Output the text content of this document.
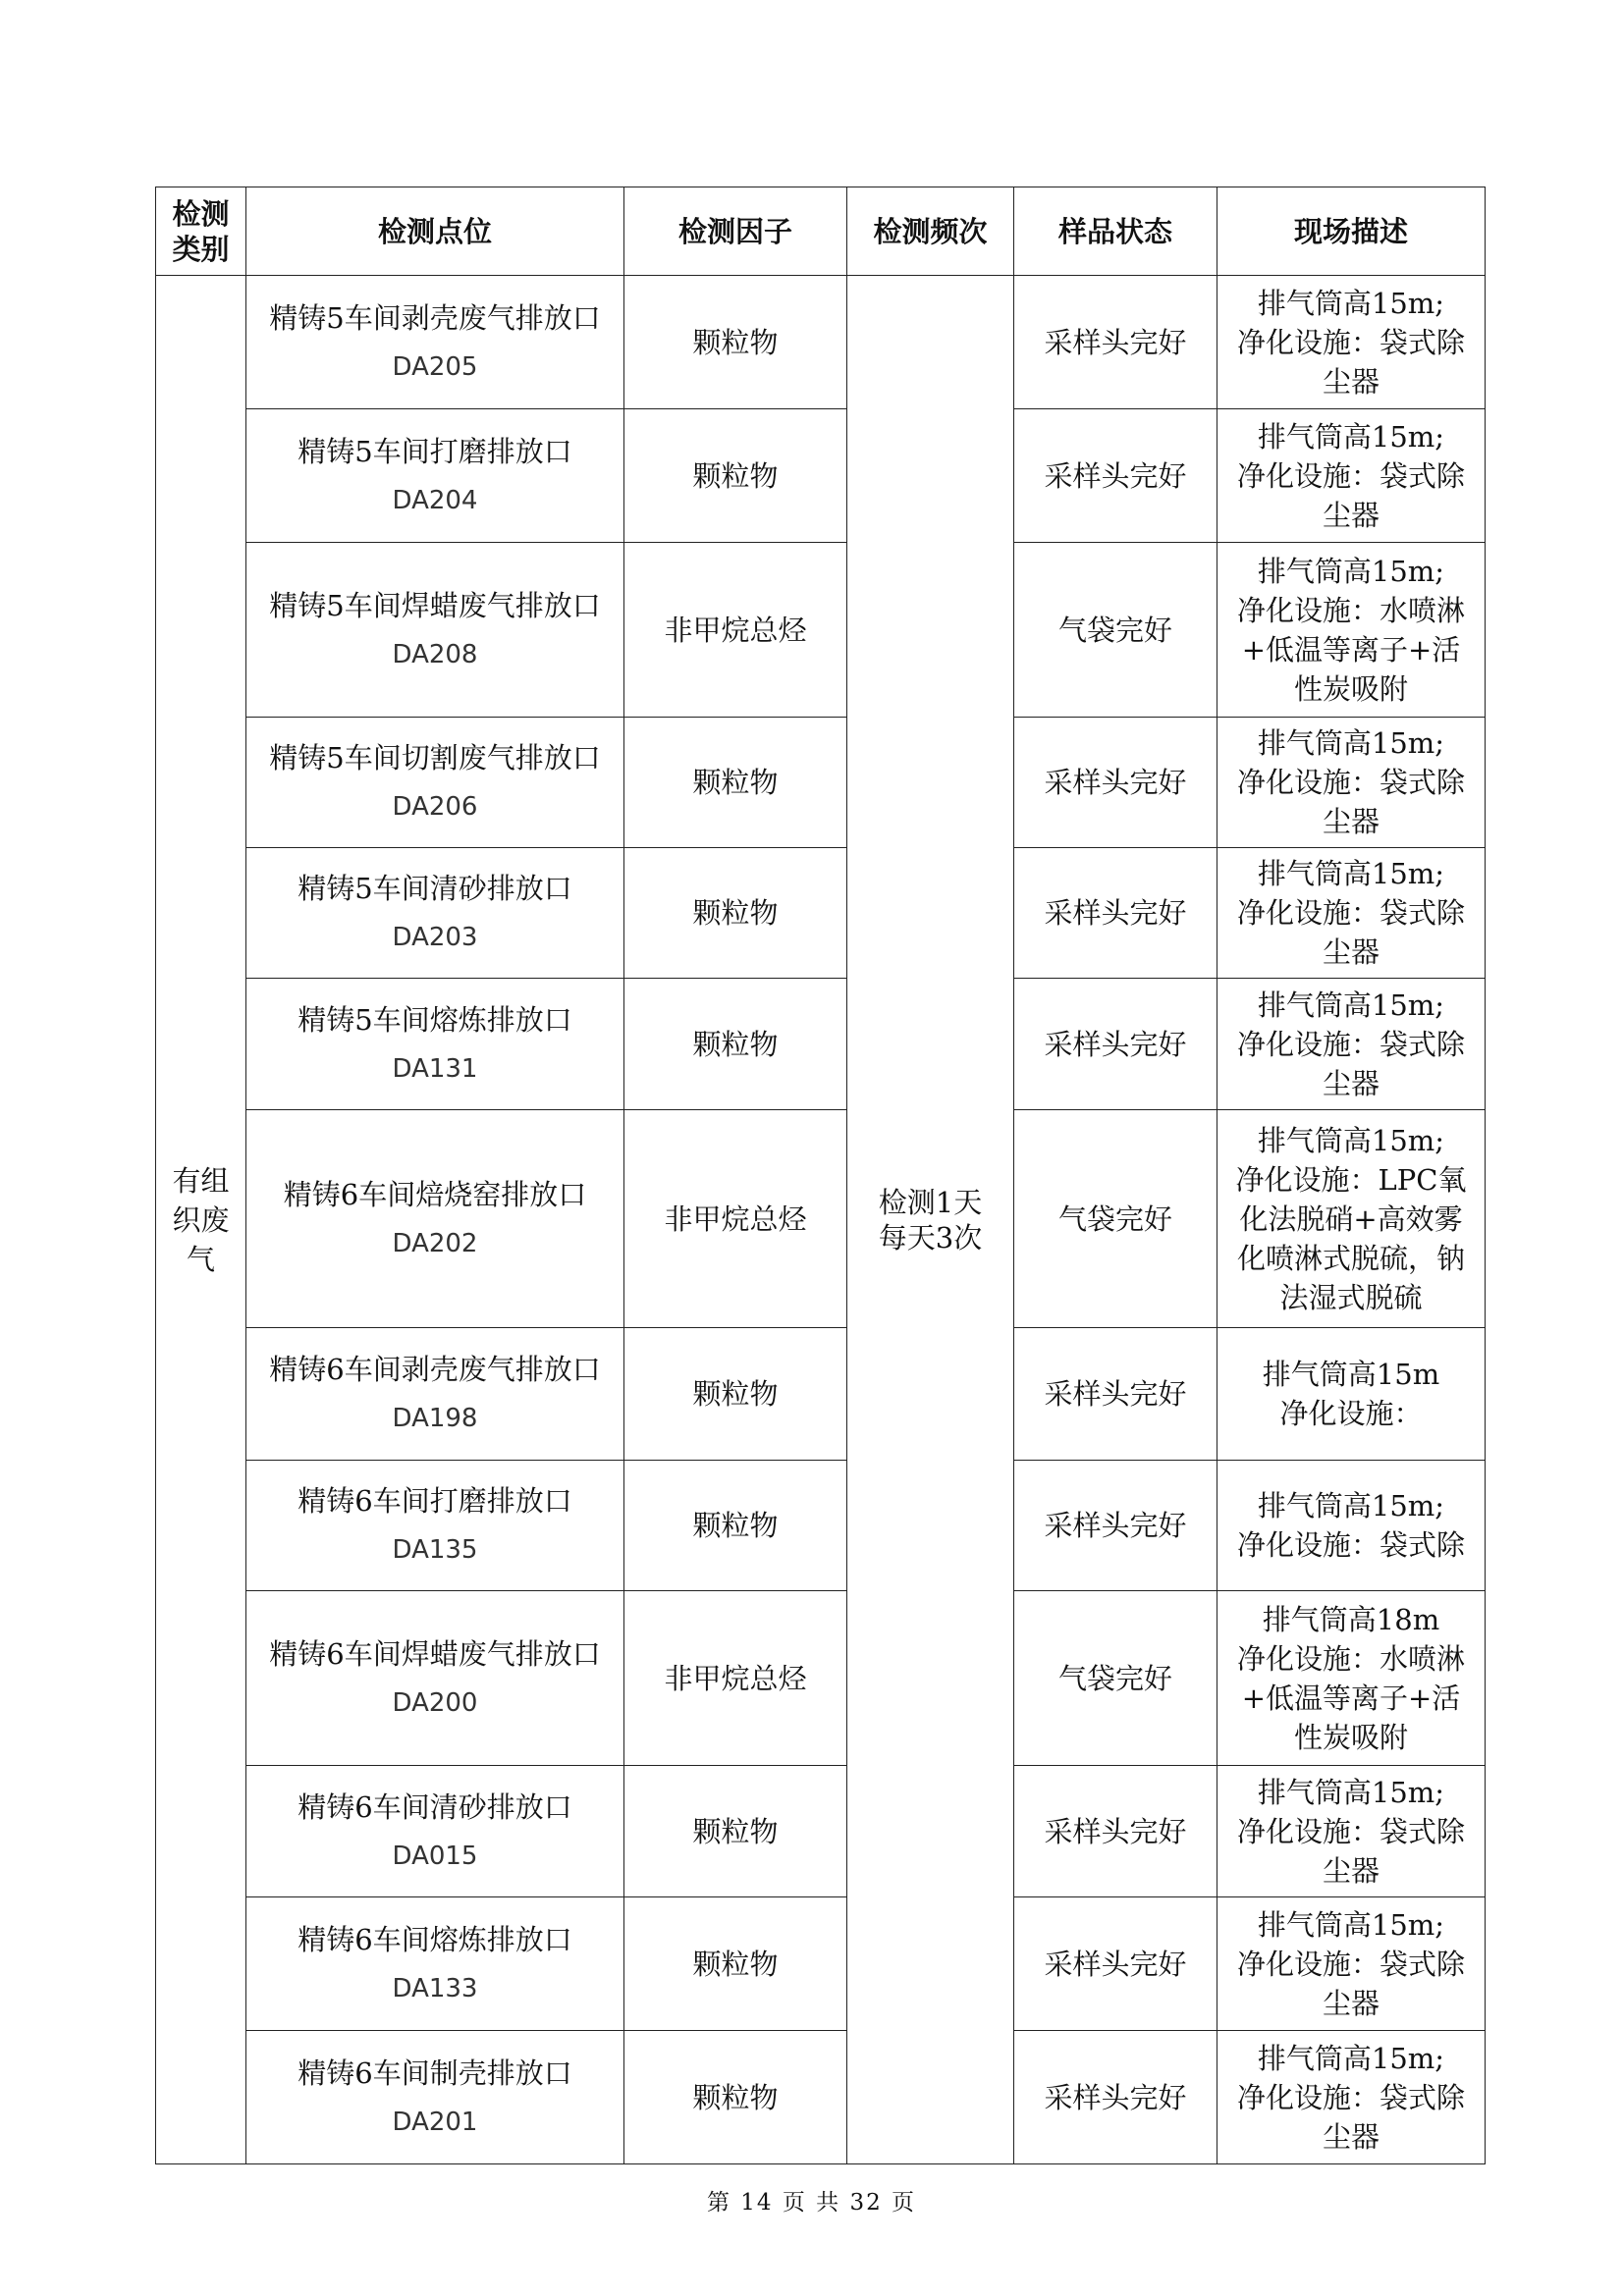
检测
类别	检测点位	检测因子	检测频次	样品状态	现场描述

有组
织废
气	精铸5车间剥壳废气排放口
DA205	颗粒物	检测1天
每天3次	采样头完好	排气筒高15m;
净化设施：袋式除
尘器

	精铸5车间打磨排放口
DA204	颗粒物		采样头完好	排气筒高15m;
净化设施：袋式除
尘器

	精铸5车间焊蜡废气排放口
DA208	非甲烷总烃		气袋完好	排气筒高15m;
净化设施：水喷淋
+低温等离子+活
性炭吸附

	精铸5车间切割废气排放口
DA206	颗粒物		采样头完好	排气筒高15m;
净化设施：袋式除
尘器

	精铸5车间清砂排放口
DA203	颗粒物		采样头完好	排气筒高15m;
净化设施：袋式除
尘器

	精铸5车间熔炼排放口
DA131	颗粒物		采样头完好	排气筒高15m;
净化设施：袋式除
尘器

	精铸6车间焙烧窑排放口
DA202	非甲烷总烃		气袋完好	排气筒高15m;
净化设施：LPC氧
化法脱硝+高效雾
化喷淋式脱硫，钠
法湿式脱硫

	精铸6车间剥壳废气排放口
DA198	颗粒物		采样头完好	排气筒高15m
净化设施：

	精铸6车间打磨排放口
DA135	颗粒物		采样头完好	排气筒高15m;
净化设施：袋式除

	精铸6车间焊蜡废气排放口
DA200	非甲烷总烃		气袋完好	排气筒高18m
净化设施：水喷淋
+低温等离子+活
性炭吸附

	精铸6车间清砂排放口
DA015	颗粒物		采样头完好	排气筒高15m;
净化设施：袋式除
尘器

	精铸6车间熔炼排放口
DA133	颗粒物		采样头完好	排气筒高15m;
净化设施：袋式除
尘器

	精铸6车间制壳排放口
DA201	颗粒物		采样头完好	排气筒高15m;
净化设施：袋式除
尘器
第 14 页 共 32 页
